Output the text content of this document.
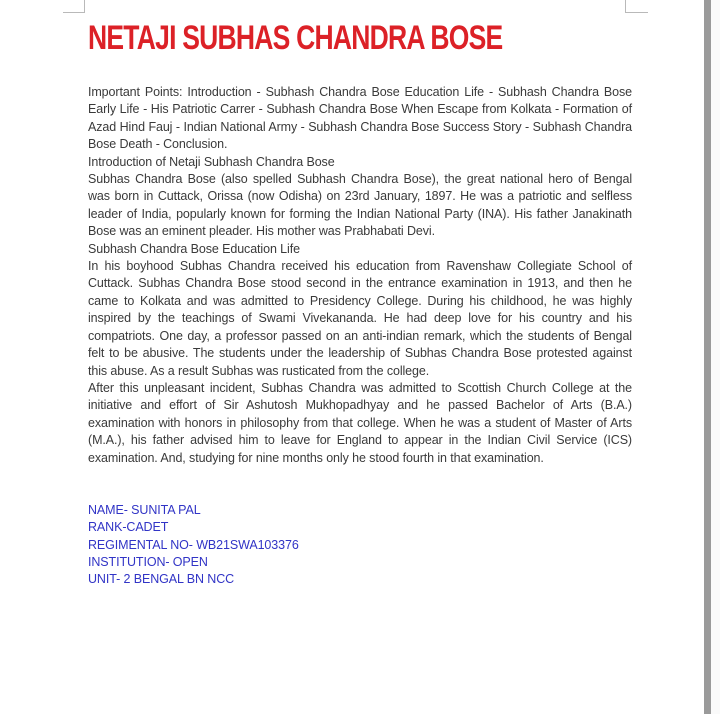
NETAJI SUBHAS CHANDRA BOSE

Important Points: Introduction - Subhash Chandra Bose Education Life - Subhash Chandra Bose Early Life - His Patriotic Carrer - Subhash Chandra Bose When Escape from Kolkata - Formation of Azad Hind Fauj - Indian National Army - Subhash Chandra Bose Success Story - Subhash Chandra Bose Death - Conclusion.

Introduction of Netaji Subhash Chandra Bose

Subhas Chandra Bose (also spelled Subhash Chandra Bose), the great national hero of Bengal was born in Cuttack, Orissa (now Odisha) on 23rd January, 1897. He was a patriotic and selfless leader of India, popularly known for forming the Indian National Party (INA). His father Janakinath Bose was an eminent pleader. His mother was Prabhabati Devi.

Subhash Chandra Bose Education Life

In his boyhood Subhas Chandra received his education from Ravenshaw Collegiate School of Cuttack. Subhas Chandra Bose stood second in the entrance examination in 1913, and then he came to Kolkata and was admitted to Presidency College. During his childhood, he was highly inspired by the teachings of Swami Vivekananda. He had deep love for his country and his compatriots. One day, a professor passed on an anti-indian remark, which the students of Bengal felt to be abusive. The students under the leadership of Subhas Chandra Bose protested against this abuse. As a result Subhas was rusticated from the college.

After this unpleasant incident, Subhas Chandra was admitted to Scottish Church College at the initiative and effort of Sir Ashutosh Mukhopadhyay and he passed Bachelor of Arts (B.A.) examination with honors in philosophy from that college. When he was a student of Master of Arts (M.A.), his father advised him to leave for England to appear in the Indian Civil Service (ICS) examination. And, studying for nine months only he stood fourth in that examination.

NAME- SUNITA PAL
RANK-CADET
REGIMENTAL NO- WB21SWA103376
INSTITUTION- OPEN
UNIT- 2 BENGAL BN NCC
